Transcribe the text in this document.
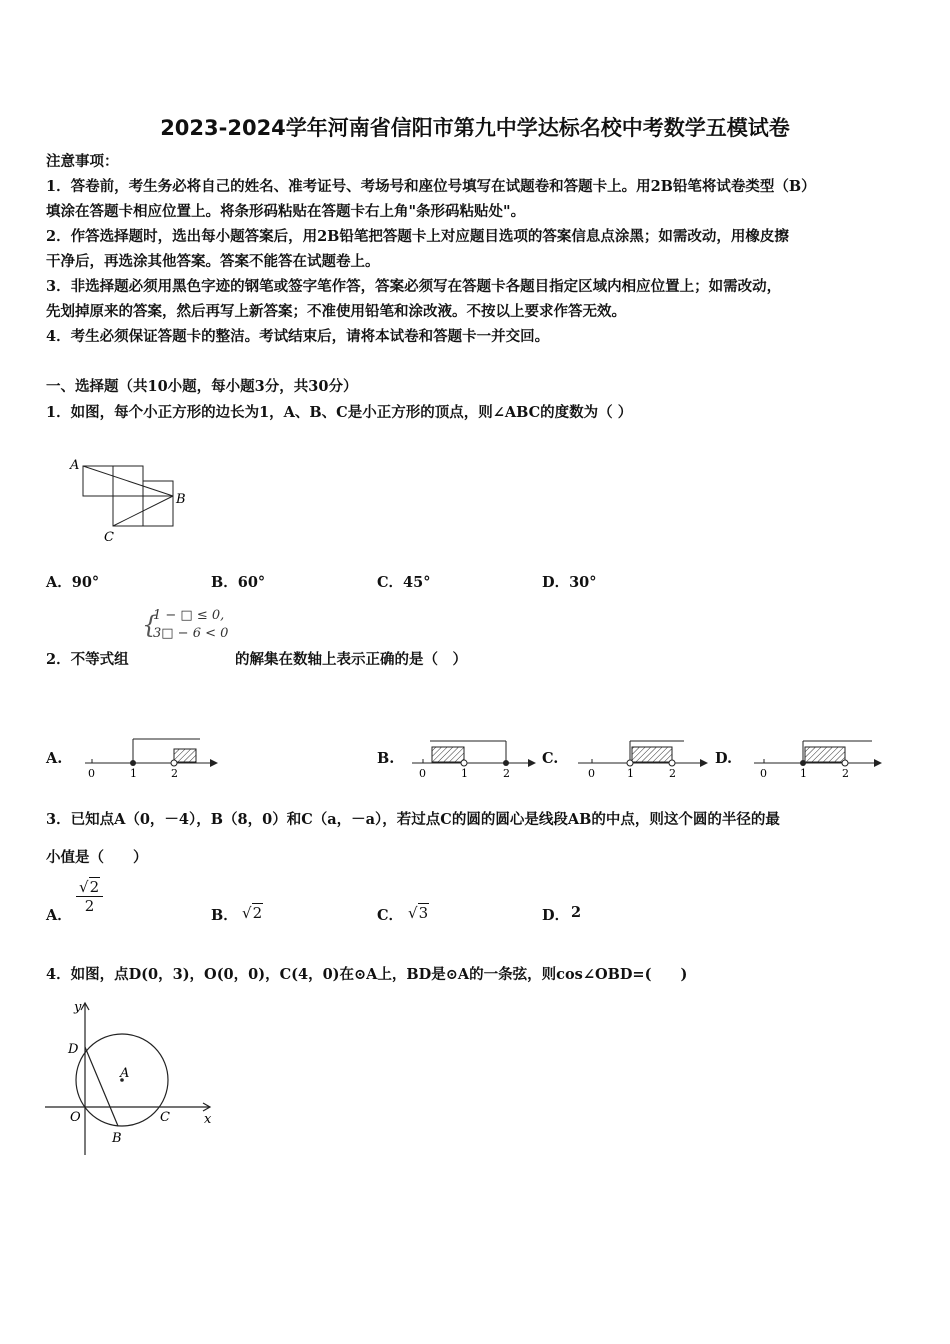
2023-2024学年河南省信阳市第九中学达标名校中考数学五模试卷
注意事项：
1．答卷前，考生务必将自己的姓名、准考证号、考场号和座位号填写在试题卷和答题卡上。用2B铅笔将试卷类型（B）
填涂在答题卡相应位置上。将条形码粘贴在答题卡右上角"条形码粘贴处"。
2．作答选择题时，选出每小题答案后，用2B铅笔把答题卡上对应题目选项的答案信息点涂黑；如需改动，用橡皮擦
干净后，再选涂其他答案。答案不能答在试题卷上。
3．非选择题必须用黑色字迹的钢笔或签字笔作答，答案必须写在答题卡各题目指定区域内相应位置上；如需改动，
先划掉原来的答案，然后再写上新答案；不准使用铅笔和涂改液。不按以上要求作答无效。
4．考生必须保证答题卡的整洁。考试结束后，请将本试卷和答题卡一并交回。
一、选择题（共10小题，每小题3分，共30分）
1．如图，每个小正方形的边长为1，A、B、C是小正方形的顶点，则∠ABC的度数为（ ）
A
B
C
A．90°	B．60°	C．45°	D．30°
{
1 − □ ≤ 0,
3□ − 6 < 0
2．不等式组	的解集在数轴上表示正确的是（　）
A.
0	1	2
B.
0	1	2
C.
0	1	2
D.
0	1	2
3．已知点A（0，－4），B（8，0）和C（a，－a），若过点C的圆的圆心是线段AB的中点，则这个圆的半径的最
小值是（　　）
A．
$\frac{√2}{2}$
B． √2	C． √3	D． 2
4．如图，点D(0，3)，O(0，0)，C(4，0)在⊙A上，BD是⊙A的一条弦，则cos∠OBD=(　　)
y
x
D
A
O
B
C
